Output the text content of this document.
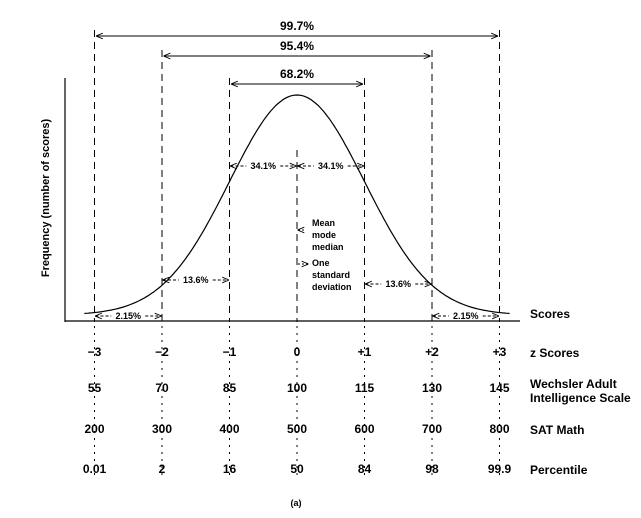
99.7%
95.4%
68.2%
34.1%	34.1%
13.6%	13.6%
2.15%	2.15%
Frequency (number of scores)
Scores
Mean
mode
median
One
standard
deviation
−3	−2	−1	0	+1	+2	+3
55	70	85	100	115	130	145
200	300	400	500	600	700	800
0.01	2	16	50	84	98	99.9
z Scores
Wechsler Adult
Intelligence Scale
SAT Math
Percentile
(a)
